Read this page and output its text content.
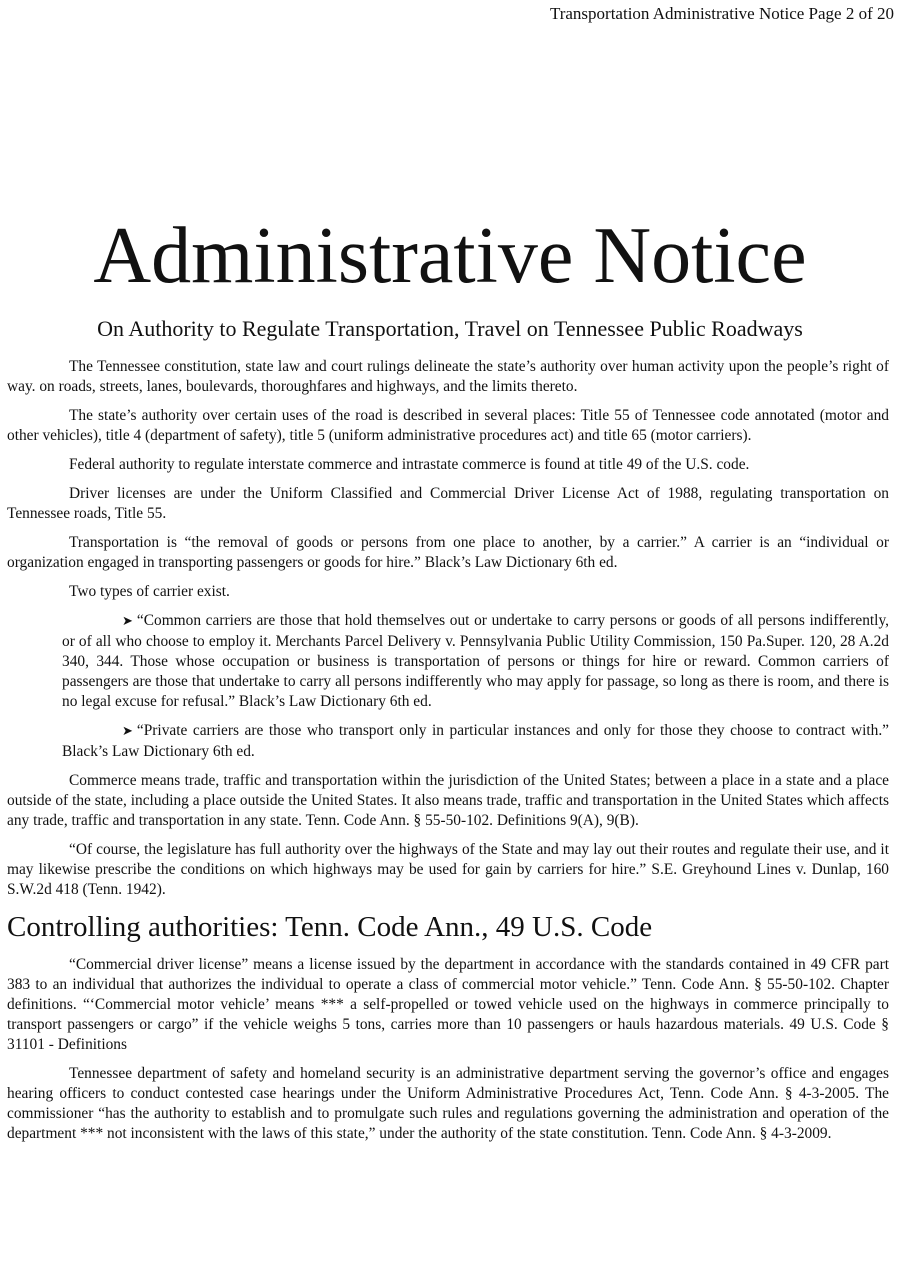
Transportation Administrative Notice Page 2 of 20
Administrative Notice
On Authority to Regulate Transportation, Travel on Tennessee Public Roadways

The Tennessee constitution, state law and court rulings delineate the state’s authority over human activity upon the people’s right of way. on roads, streets, lanes, boulevards, thoroughfares and highways, and the limits thereto.

The state’s authority over certain uses of the road is described in several places: Title 55 of Tennessee code annotated (motor and other vehicles), title 4 (department of safety), title 5 (uniform administrative procedures act) and title 65 (motor carriers).

Federal authority to regulate interstate commerce and intrastate commerce is found at title 49 of the U.S. code.

Driver licenses are under the Uniform Classified and Commercial Driver License Act of 1988, regulating transportation on Tennessee roads, Title 55.

Transportation is “the removal of goods or persons from one place to another, by a carrier.” A carrier is an “individual or organization engaged in transporting passengers or goods for hire.” Black’s Law Dictionary 6th ed.

Two types of carrier exist.

➤ “Common carriers are those that hold themselves out or undertake to carry persons or goods of all persons indifferently, or of all who choose to employ it. Merchants Parcel Delivery v. Pennsylvania Public Utility Commission, 150 Pa.Super. 120, 28 A.2d 340, 344. Those whose occupation or business is transportation of persons or things for hire or reward. Common carriers of passengers are those that undertake to carry all persons indifferently who may apply for passage, so long as there is room, and there is no legal excuse for refusal.” Black’s Law Dictionary 6th ed.

➤ “Private carriers are those who transport only in particular instances and only for those they choose to contract with.” Black’s Law Dictionary 6th ed.

Commerce means trade, traffic and transportation within the jurisdiction of the United States; between a place in a state and a place outside of the state, including a place outside the United States. It also means trade, traffic and transportation in the United States which affects any trade, traffic and transportation in any state. Tenn. Code Ann. § 55-50-102. Definitions 9(A), 9(B).

“Of course, the legislature has full authority over the highways of the State and may lay out their routes and regulate their use, and it may likewise prescribe the conditions on which highways may be used for gain by carriers for hire.” S.E. Greyhound Lines v. Dunlap, 160 S.W.2d 418 (Tenn. 1942).

Controlling authorities: Tenn. Code Ann., 49 U.S. Code

“Commercial driver license” means a license issued by the department in accordance with the standards contained in 49 CFR part 383 to an individual that authorizes the individual to operate a class of commercial motor vehicle.” Tenn. Code Ann. § 55-50-102. Chapter definitions. “‘Commercial motor vehicle’ means *** a self-propelled or towed vehicle used on the highways in commerce principally to transport passengers or cargo” if the vehicle weighs 5 tons, carries more than 10 passengers or hauls hazardous materials. 49 U.S. Code § 31101 - Definitions

Tennessee department of safety and homeland security is an administrative department serving the governor’s office and engages hearing officers to conduct contested case hearings under the Uniform Administrative Procedures Act, Tenn. Code Ann. § 4-3-2005. The commissioner “has the authority to establish and to promulgate such rules and regulations governing the administration and operation of the department *** not inconsistent with the laws of this state,” under the authority of the state constitution. Tenn. Code Ann. § 4-3-2009.
